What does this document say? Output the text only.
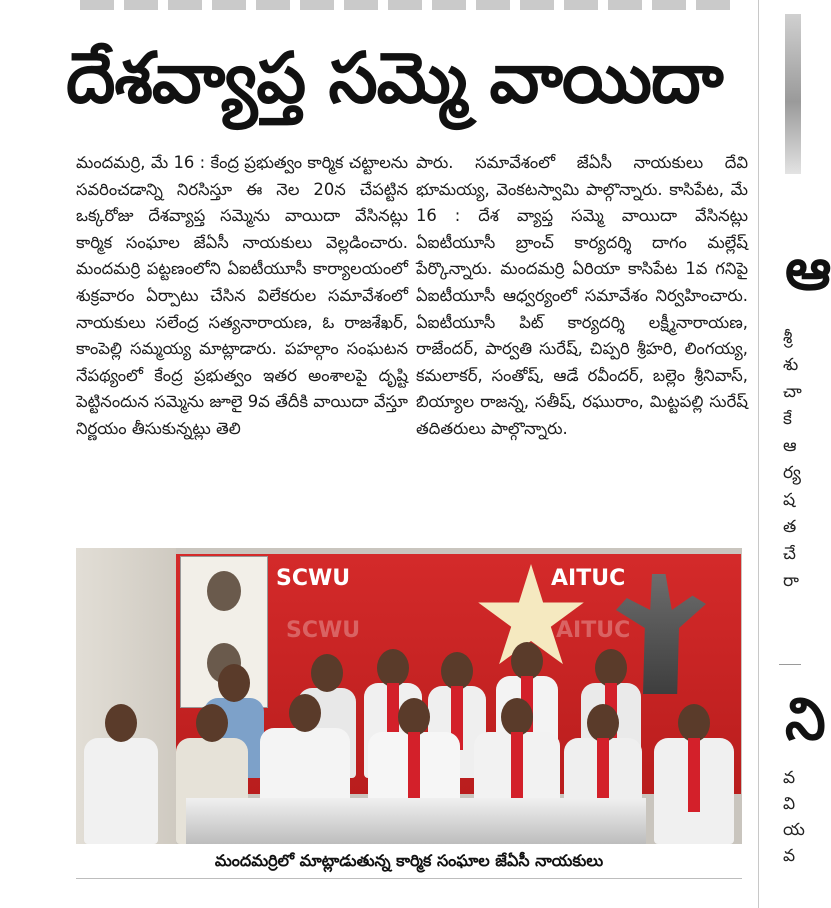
దేశవ్యాప్త సమ్మె వాయిదా

మందమర్రి, మే 16 : కేంద్ర ప్రభుత్వం కార్మిక చట్టాలను సవరించడాన్ని నిరసిస్తూ ఈ నెల 20న చేపట్టిన ఒక్కరోజు దేశవ్యాప్త సమ్మెను వాయిదా వేసినట్లు కార్మిక సంఘాల జేఏసీ నాయకులు వెల్లడించారు. మందమర్రి పట్టణంలోని ఏఐటీయూసీ కార్యాలయంలో శుక్రవారం ఏర్పాటు చేసిన విలేకరుల సమావేశంలో నాయకులు సలేంద్ర సత్యనారాయణ, ఓ రాజశేఖర్, కాంపెల్లి సమ్మయ్య మాట్లాడారు. పహల్గాం సంఘటన నేపథ్యంలో కేంద్ర ప్రభుత్వం ఇతర అంశాలపై దృష్టి పెట్టినందున సమ్మెను జూలై 9వ తేదీకి వాయిదా వేస్తూ నిర్ణయం తీసుకున్నట్లు తెలి

పారు. సమావేశంలో జేఏసీ నాయకులు దేవి భూమయ్య, వెంకటస్వామి పాల్గొన్నారు. కాసిపేట, మే 16 : దేశ వ్యాప్త సమ్మె వాయిదా వేసినట్లు ఏఐటీయూసీ బ్రాంచ్ కార్యదర్శి దాగం మల్లేష్ పేర్కొన్నారు. మందమర్రి ఏరియా కాసిపేట 1వ గనిపై ఏఐటీయూసీ ఆధ్వర్యంలో సమావేశం నిర్వహించారు. ఏఐటీయూసీ పిట్ కార్యదర్శి లక్ష్మీనారాయణ, రాజేందర్, పార్వతి సురేష్, చిప్పరి శ్రీహరి, లింగయ్య, కమలాకర్, సంతోష్, ఆడే రవీందర్, బల్లెం శ్రీనివాస్, బియ్యాల రాజన్న, సతీష్, రఘురాం, మిట్టపల్లి సురేష్ తదితరులు పాల్గొన్నారు.

SCWU	AITUC
SCWU	AITUC
మందమర్రిలో మాట్లాడుతున్న కార్మిక సంఘాల జేఏసీ నాయకులు
ఆ
శ్రీ
శు
చా
కే
ఆ
ర్య
ష
త
చే
రా
ని
వ
వి
య
వ
